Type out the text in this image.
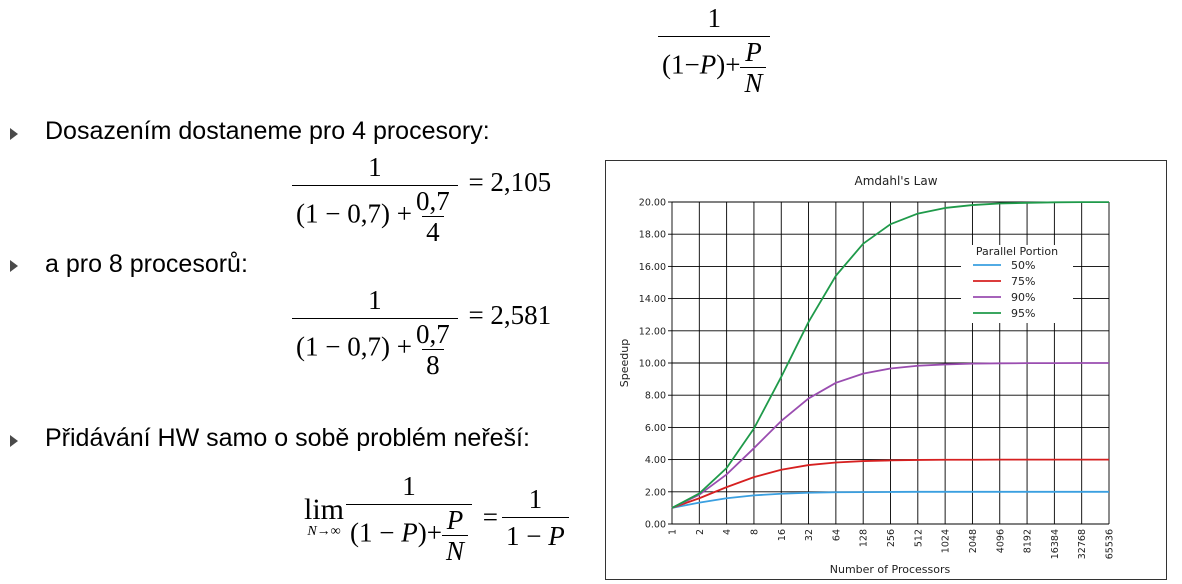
$\frac{1}{(1-P)+ \frac{P}{N}}$
Dosazením dostaneme pro 4 procesory:
$\frac{1}{(1 - 0,7) + \frac{0,7}{4}} = 2,105$
a pro 8 procesorů:
$\frac{1}{(1 - 0,7) + \frac{0,7}{8}} = 2,581$
Přidávání HW samo o sobě problém neřeší:
lim
$N\to\infty \frac{1}{(1 - P)+ \frac{P}{N}} = \frac{1}{1 - P}$
Amdahl's Law
1 2 4 8 16 32 64 128 256 512 1024 2048 4096 8192 16384 32768 65536
0.00
2.00
4.00
6.00
8.00
10.00
12.00
14.00
16.00
18.00
20.00
Number of Processors
Speedup
Parallel Portion
50%
75%
90%
95%
